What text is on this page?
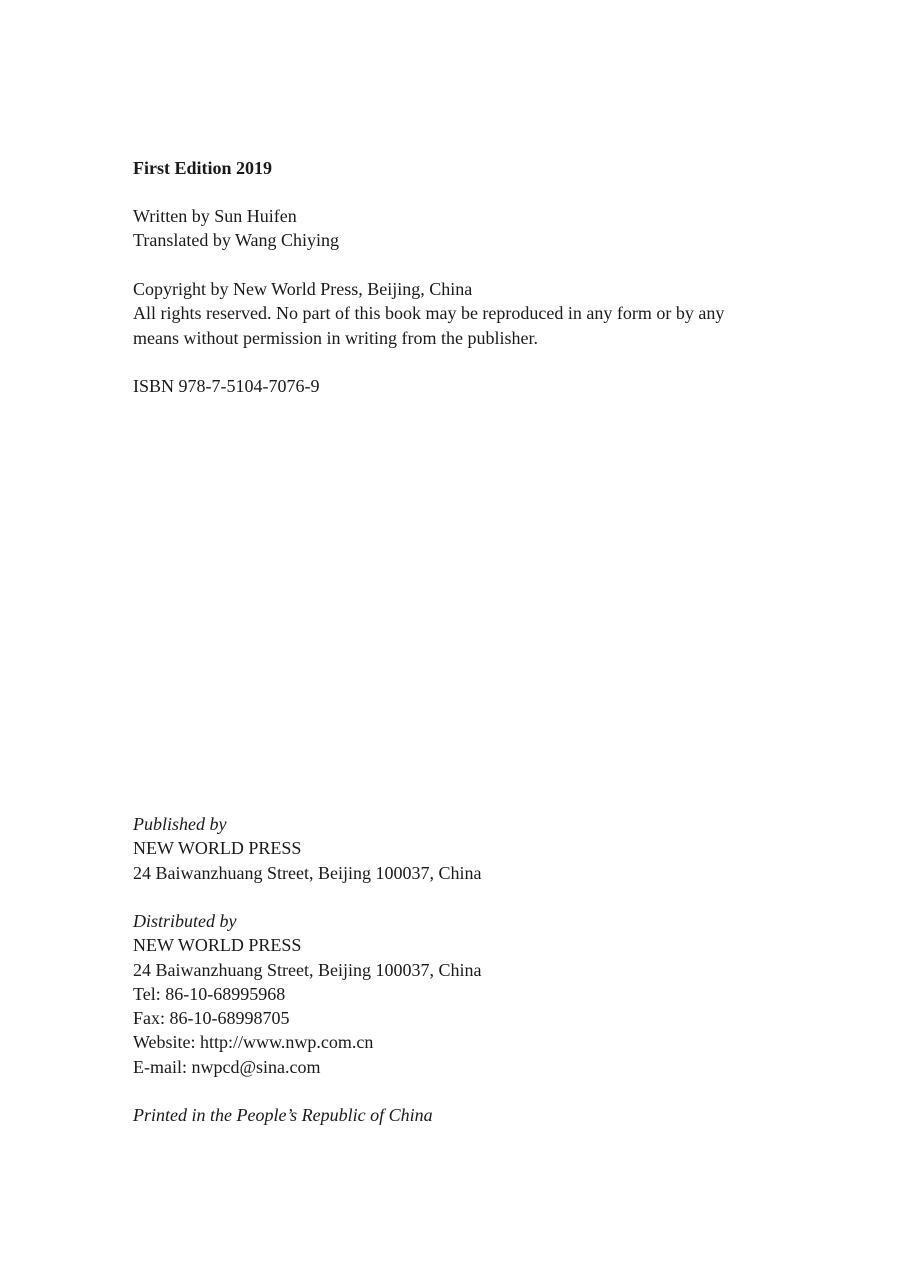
First Edition 2019
Written by Sun Huifen
Translated by Wang Chiying
Copyright by New World Press, Beijing, China
All rights reserved. No part of this book may be reproduced in any form or by any
means without permission in writing from the publisher.
ISBN 978-7-5104-7076-9
Published by
NEW WORLD PRESS
24 Baiwanzhuang Street, Beijing 100037, China
Distributed by
NEW WORLD PRESS
24 Baiwanzhuang Street, Beijing 100037, China
Tel: 86-10-68995968
Fax: 86-10-68998705
Website: http://www.nwp.com.cn
E-mail: nwpcd@sina.com
Printed in the People’s Republic of China
